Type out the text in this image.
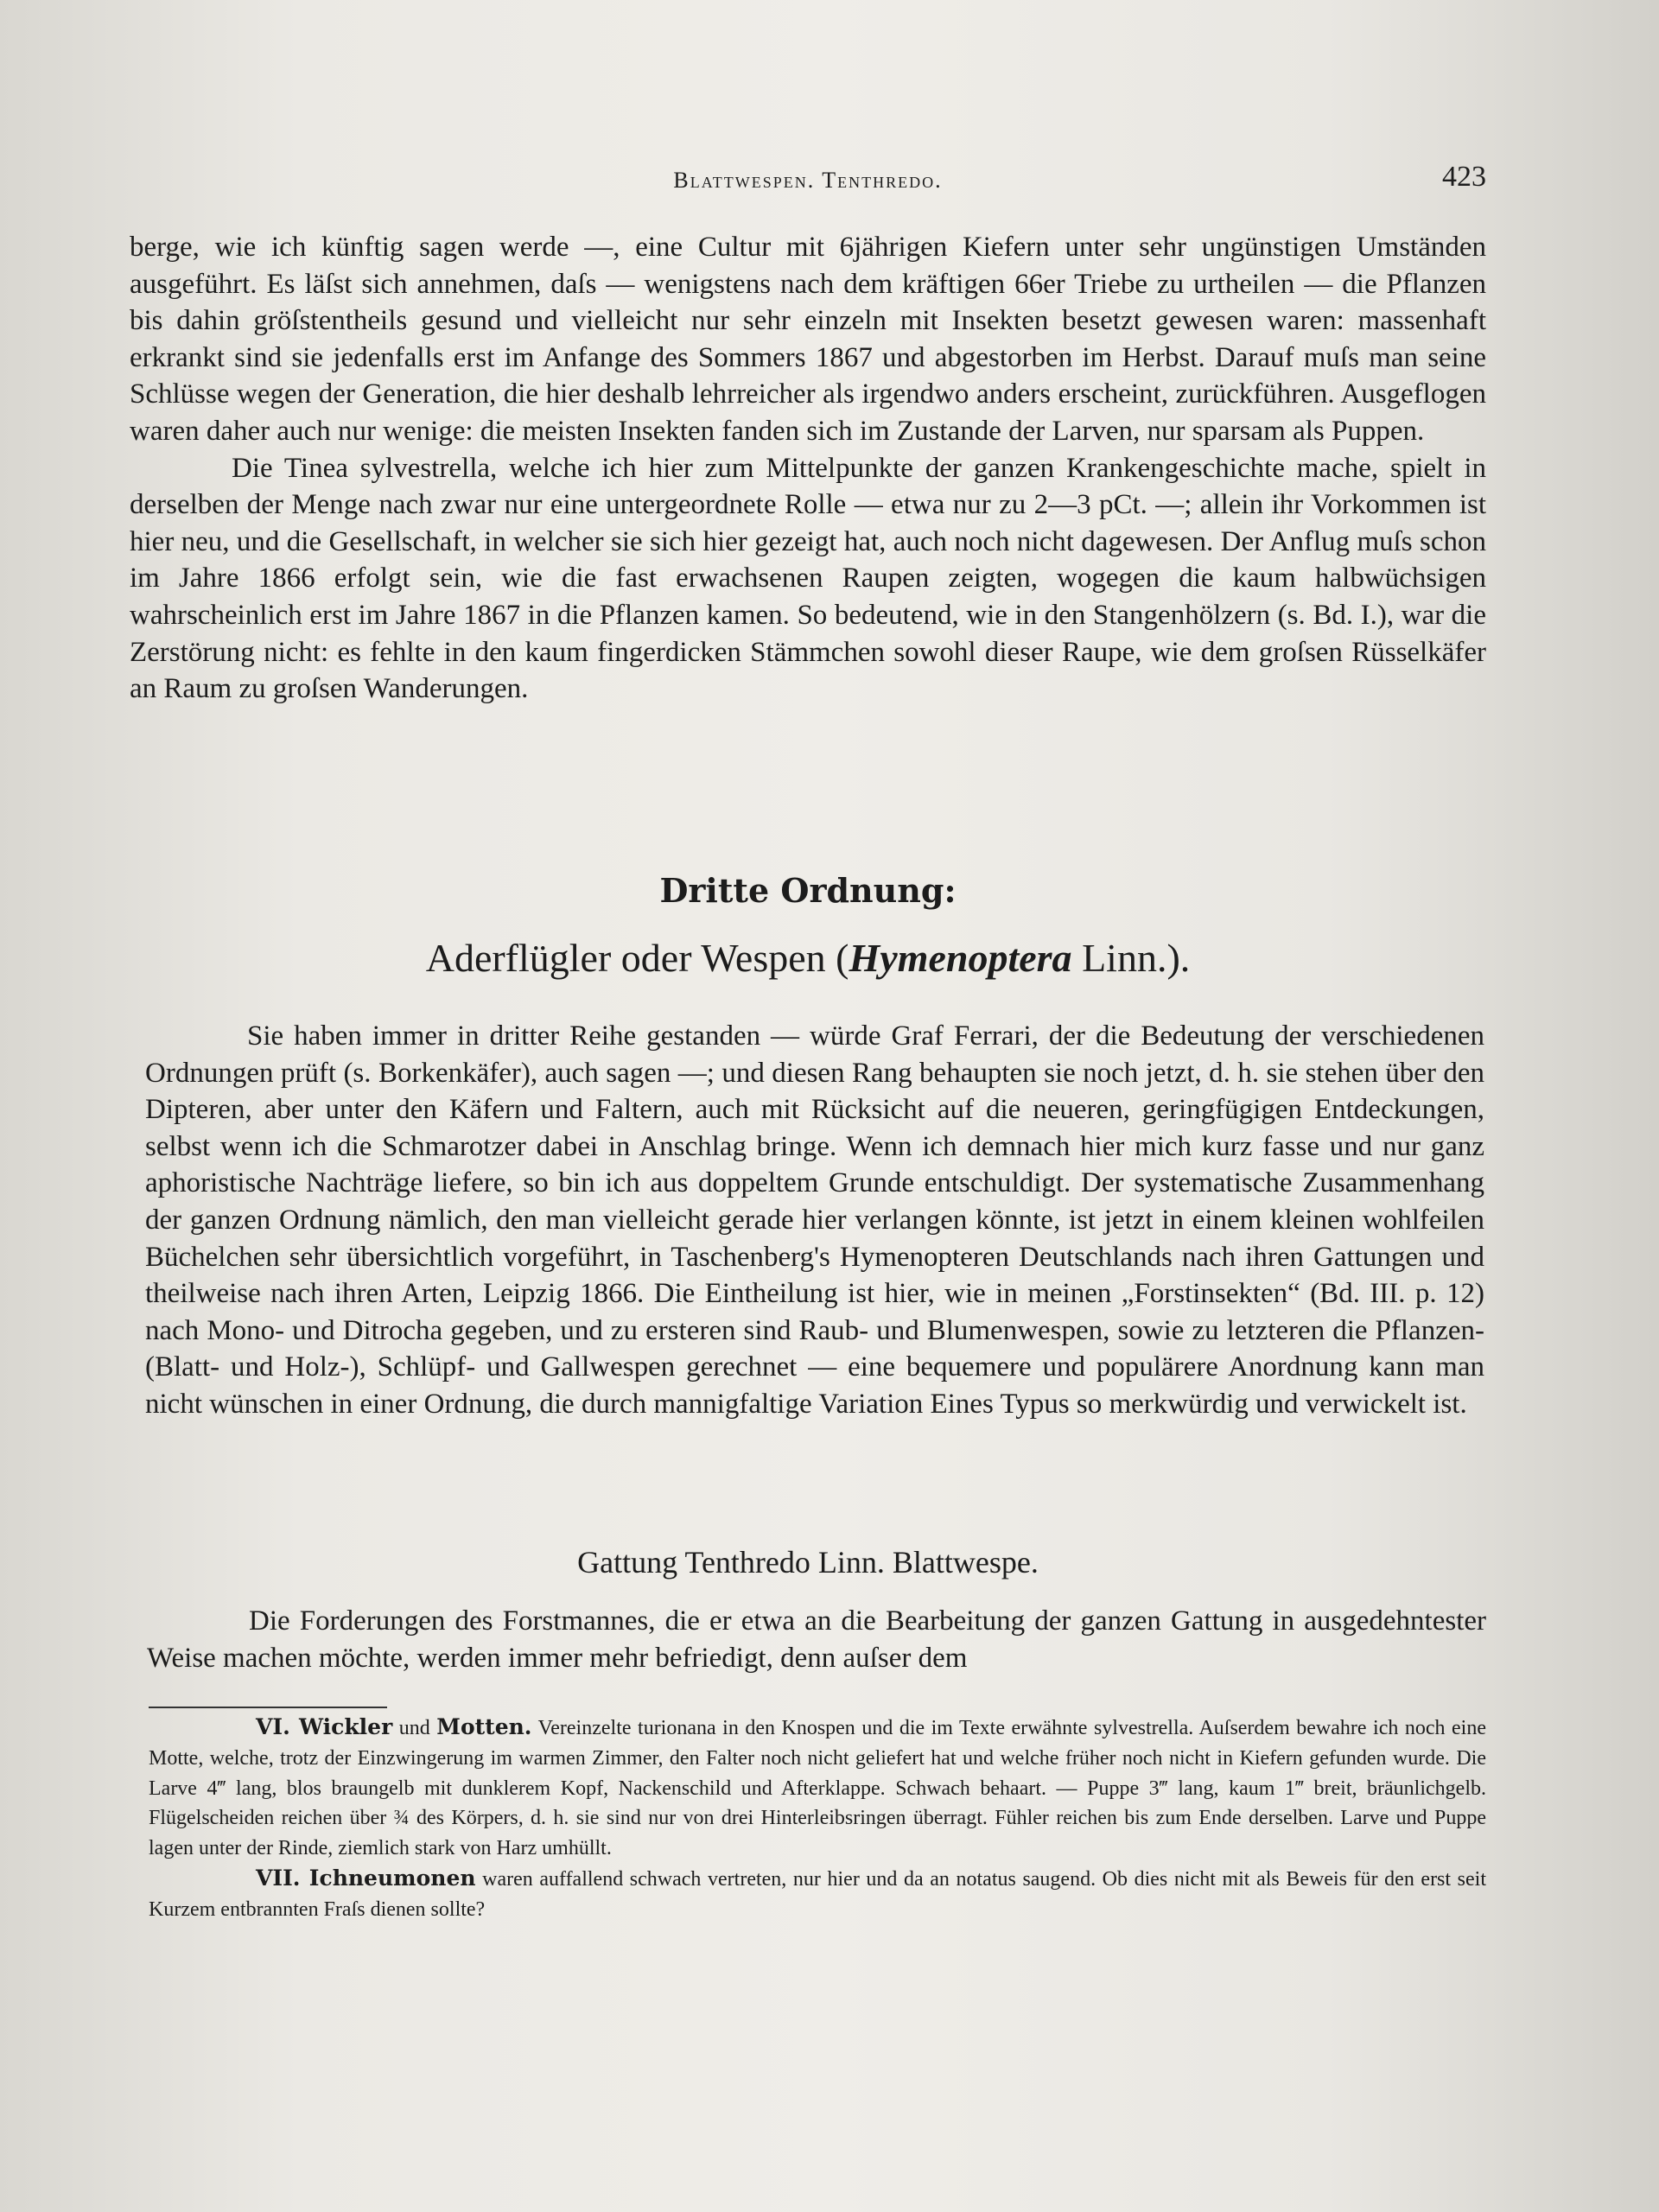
Blattwespen. Tenthredo.	423

berge, wie ich künftig sagen werde —, eine Cultur mit 6jährigen Kiefern unter sehr ungünstigen Umständen ausgeführt. Es läſst sich annehmen, daſs — wenigstens nach dem kräftigen 66er Triebe zu urtheilen — die Pflanzen bis dahin gröſstentheils gesund und vielleicht nur sehr einzeln mit Insekten besetzt gewesen waren: massenhaft erkrankt sind sie jedenfalls erst im Anfange des Sommers 1867 und abgestorben im Herbst. Darauf muſs man seine Schlüsse wegen der Generation, die hier deshalb lehrreicher als irgendwo anders erscheint, zurückführen. Ausgeflogen waren daher auch nur wenige: die meisten Insekten fanden sich im Zustande der Larven, nur sparsam als Puppen.

Die Tinea sylvestrella, welche ich hier zum Mittelpunkte der ganzen Krankengeschichte mache, spielt in derselben der Menge nach zwar nur eine untergeordnete Rolle — etwa nur zu 2—3 pCt. —; allein ihr Vorkommen ist hier neu, und die Gesellschaft, in welcher sie sich hier gezeigt hat, auch noch nicht dagewesen. Der Anflug muſs schon im Jahre 1866 erfolgt sein, wie die fast erwachsenen Raupen zeigten, wogegen die kaum halbwüchsigen wahrscheinlich erst im Jahre 1867 in die Pflanzen kamen. So bedeutend, wie in den Stangenhölzern (s. Bd. I.), war die Zerstörung nicht: es fehlte in den kaum fingerdicken Stämmchen sowohl dieser Raupe, wie dem groſsen Rüsselkäfer an Raum zu groſsen Wanderungen.

Dritte Ordnung:
Aderflügler oder Wespen (Hymenoptera Linn.).

Sie haben immer in dritter Reihe gestanden — würde Graf Ferrari, der die Bedeutung der verschiedenen Ordnungen prüft (s. Borkenkäfer), auch sagen —; und diesen Rang behaupten sie noch jetzt, d. h. sie stehen über den Dipteren, aber unter den Käfern und Faltern, auch mit Rücksicht auf die neueren, geringfügigen Entdeckungen, selbst wenn ich die Schmarotzer dabei in Anschlag bringe. Wenn ich demnach hier mich kurz fasse und nur ganz aphoristische Nachträge liefere, so bin ich aus doppeltem Grunde entschuldigt. Der systematische Zusammenhang der ganzen Ordnung nämlich, den man vielleicht gerade hier verlangen könnte, ist jetzt in einem kleinen wohlfeilen Büchelchen sehr übersichtlich vorgeführt, in Taschenberg's Hymenopteren Deutschlands nach ihren Gattungen und theilweise nach ihren Arten, Leipzig 1866. Die Eintheilung ist hier, wie in meinen „Forstinsekten“ (Bd. III. p. 12) nach Mono- und Ditrocha gegeben, und zu ersteren sind Raub- und Blumenwespen, sowie zu letzteren die Pflanzen- (Blatt- und Holz-), Schlüpf- und Gallwespen gerechnet — eine bequemere und populärere Anordnung kann man nicht wünschen in einer Ordnung, die durch mannigfaltige Variation Eines Typus so merkwürdig und verwickelt ist.

Gattung Tenthredo Linn. Blattwespe.

Die Forderungen des Forstmannes, die er etwa an die Bearbeitung der ganzen Gattung in ausgedehntester Weise machen möchte, werden immer mehr befriedigt, denn auſser dem

VI. Wickler und Motten. Vereinzelte turionana in den Knospen und die im Texte erwähnte sylvestrella. Auſserdem bewahre ich noch eine Motte, welche, trotz der Einzwingerung im warmen Zimmer, den Falter noch nicht geliefert hat und welche früher noch nicht in Kiefern gefunden wurde. Die Larve 4‴ lang, blos braungelb mit dunklerem Kopf, Nackenschild und Afterklappe. Schwach behaart. — Puppe 3‴ lang, kaum 1‴ breit, bräunlichgelb. Flügelscheiden reichen über ¾ des Körpers, d. h. sie sind nur von drei Hinterleibsringen überragt. Fühler reichen bis zum Ende derselben. Larve und Puppe lagen unter der Rinde, ziemlich stark von Harz umhüllt.

VII. Ichneumonen waren auffallend schwach vertreten, nur hier und da an notatus saugend. Ob dies nicht mit als Beweis für den erst seit Kurzem entbrannten Fraſs dienen sollte?
